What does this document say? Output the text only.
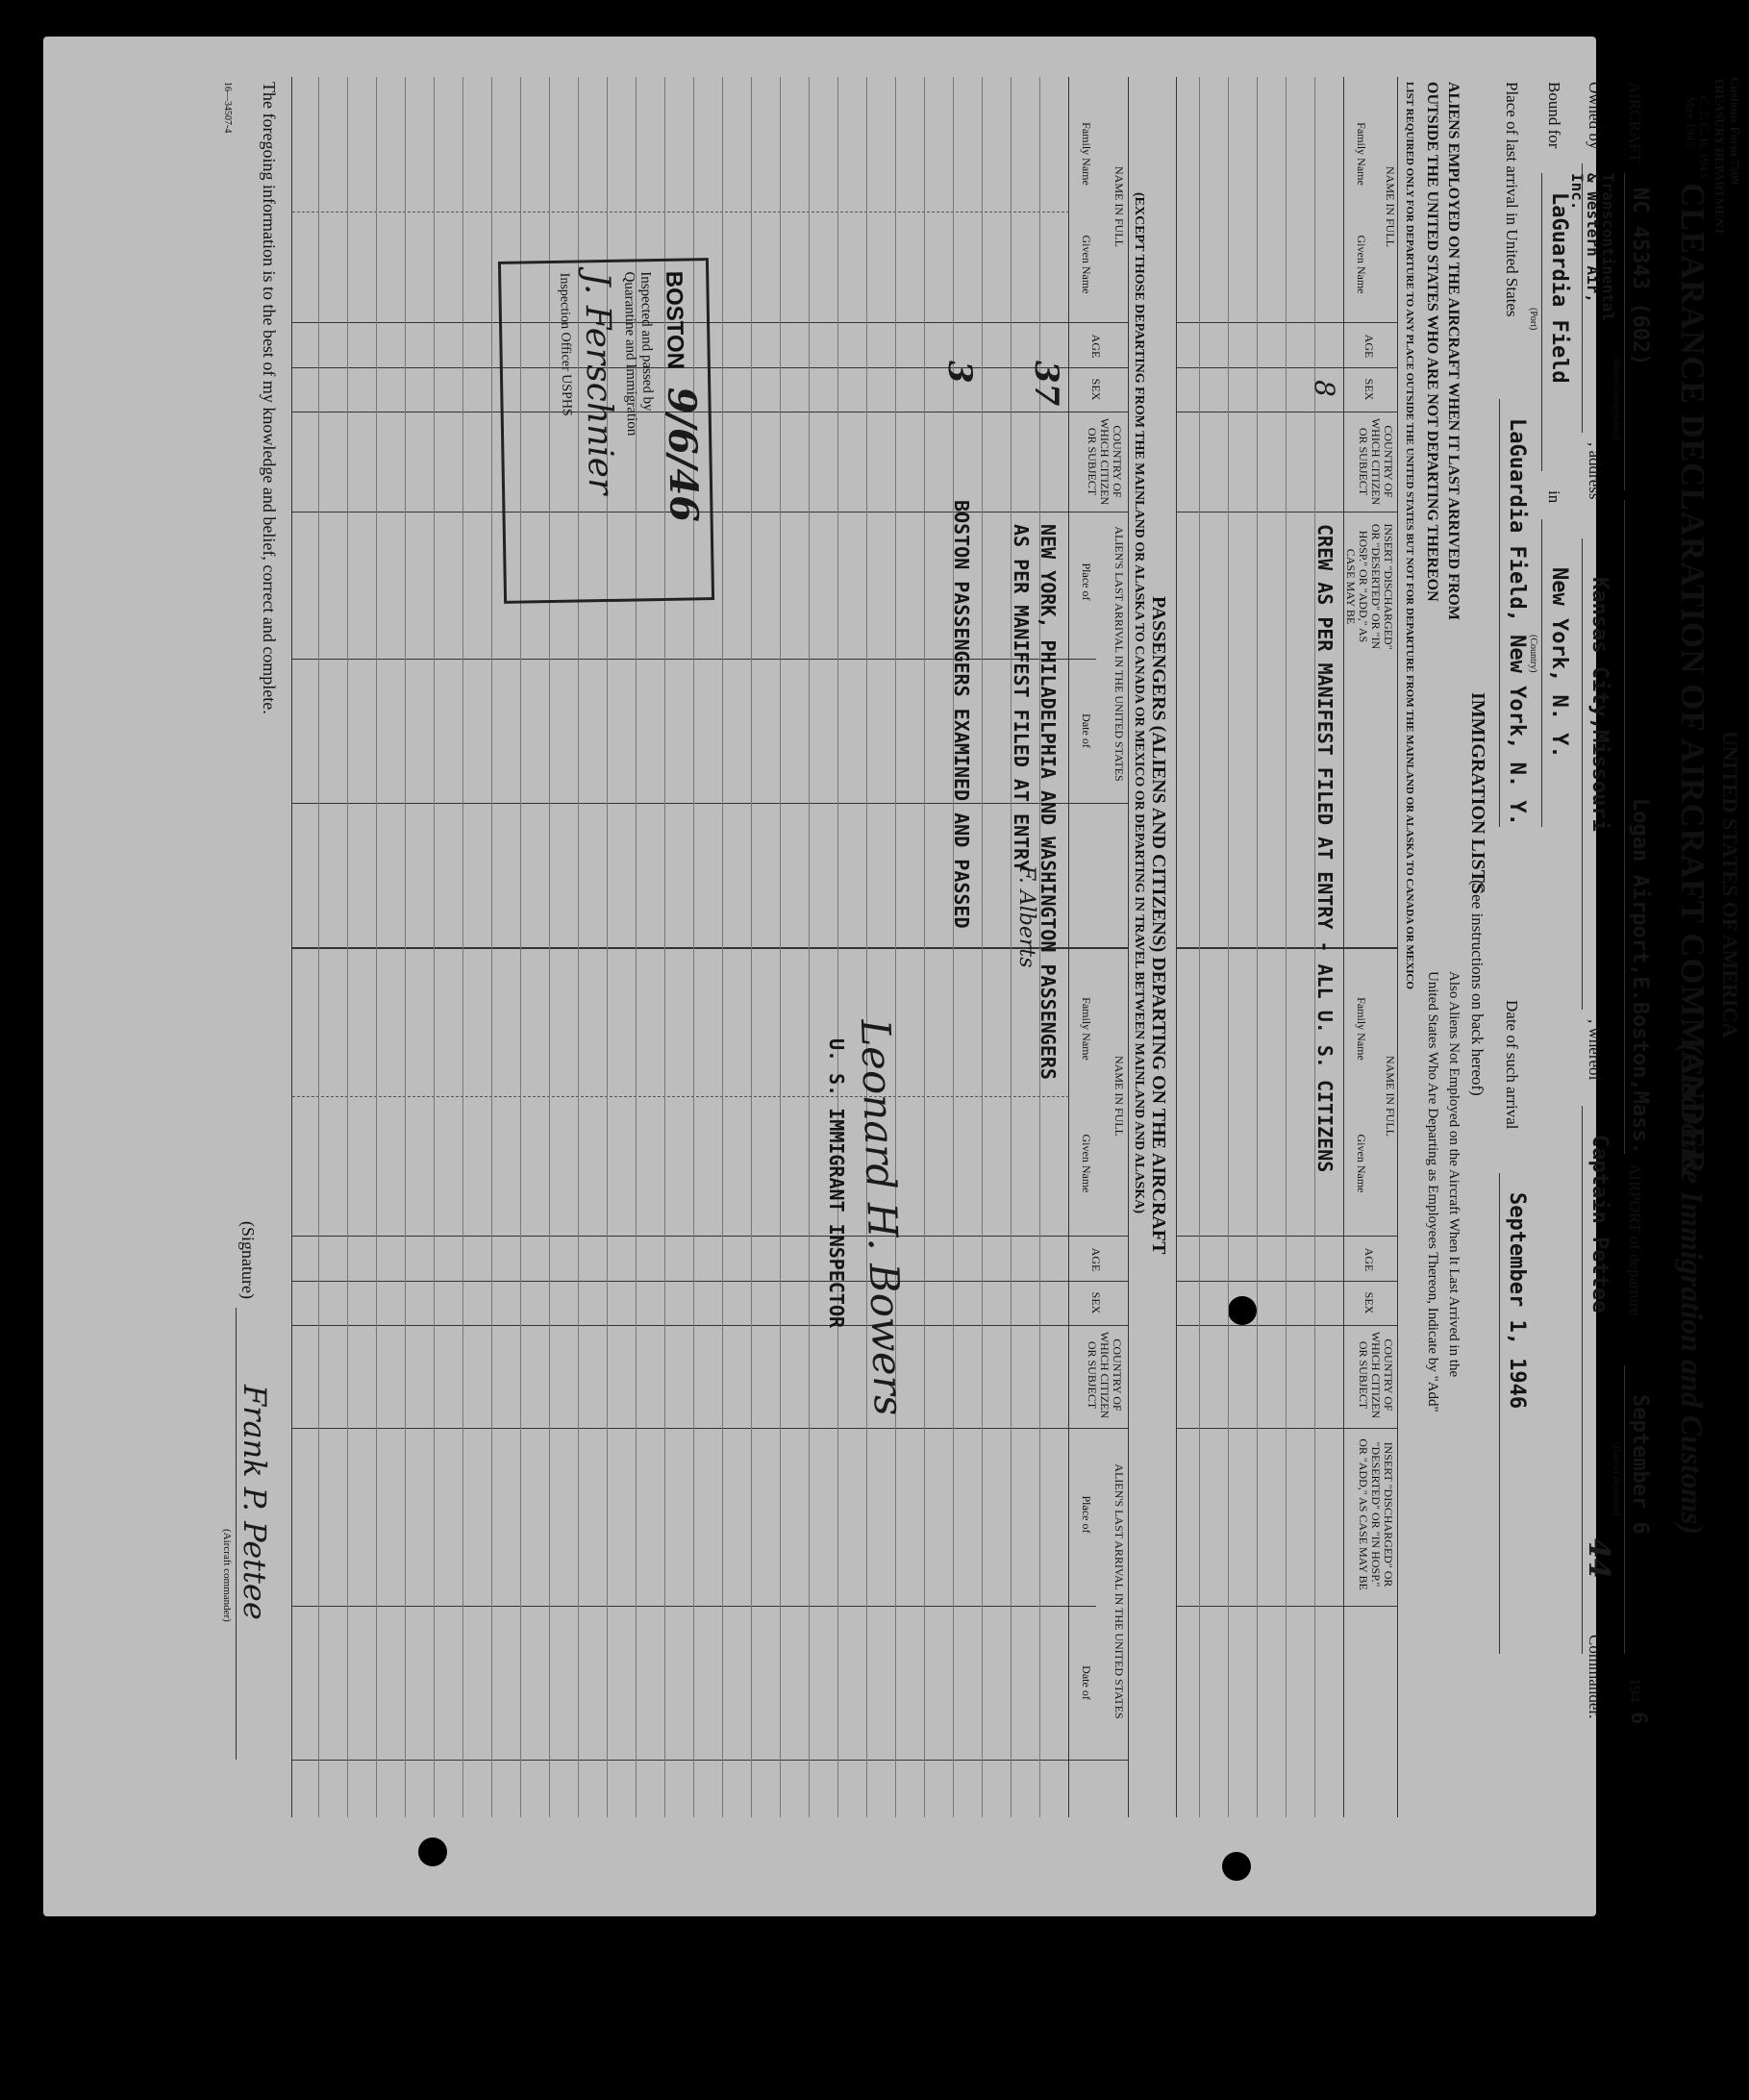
Customs Form 7509
TREASURY DEPARTMENT
C. 7. C. R. 1943
May 1945
UNITED STATES OF AMERICA
CLEARANCE DECLARATION OF AIRCRAFT COMMANDER
(Clearance Immigration and Customs)
AIRCRAFT
NC 45343 (602)
(Identification marks)
Logan Airport,E.Boston,Mass.
AIRPORT of departure
September 6
(Date of departure)
194
6
Owned by
Transcontinental & Western Air, Inc.
, address
Kansas City,Missouri
, whereof
Captain Pettee
44
Commander.
Bound for
LaGuardia Field
(Port)
in
New York, N. Y.
(Country)
Place of last arrival in United States
LaGuardia Field, New York, N. Y.
Date of such arrival
September 1, 1946
IMMIGRATION LISTS
(See instructions on back hereof)
ALIENS EMPLOYED ON THE AIRCRAFT WHEN IT LAST ARRIVED FROM
OUTSIDE THE UNITED STATES WHO ARE NOT DEPARTING THEREON
Also Aliens Not Employed on the Aircraft When It Last Arrived in the
United States Who Are Departing as Employees Thereon, Indicate by "Add"
LIST REQUIRED ONLY FOR DEPARTURE TO ANY PLACE OUTSIDE THE UNITED STATES BUT NOT FOR DEPARTURE FROM THE MAINLAND OR ALASKA TO CANADA OR MEXICO
NAME IN FULL
Family Name
Given Name
AGE
SEX
COUNTRY OF WHICH CITIZEN OR SUBJECT
INSERT "DISCHARGED" OR "DESERTED" OR "IN HOSP." OR "ADD," AS CASE MAY BE
NAME IN FULL
Family Name
Given Name
AGE
SEX
COUNTRY OF WHICH CITIZEN OR SUBJECT
INSERT "DISCHARGED" OR "DESERTED" OR "IN HOSP." OR "ADD," AS CASE MAY BE
8
CREW AS PER MANIFEST FILED AT ENTRY - ALL U. S. CITIZENS
PASSENGERS (ALIENS AND CITIZENS) DEPARTING ON THE AIRCRAFT
(EXCEPT THOSE DEPARTING FROM THE MAINLAND OR ALASKA TO CANADA OR MEXICO OR DEPARTING IN TRAVEL BETWEEN MAINLAND AND ALASKA)
NAME IN FULL
Family Name
Given Name
AGE
SEX
COUNTRY OF WHICH CITIZEN OR SUBJECT
ALIEN'S LAST ARRIVAL IN THE UNITED STATES
Place of
Date of
NAME IN FULL
Family Name
Given Name
AGE
SEX
COUNTRY OF WHICH CITIZEN OR SUBJECT
ALIEN'S LAST ARRIVAL IN THE UNITED STATES
Place of
Date of
37
NEW YORK, PHILADELPHIA AND WASHINGTON PASSENGERS
AS PER MANIFEST FILED AT ENTRY
F. Alberts
3
BOSTON PASSENGERS EXAMINED AND PASSED
Leonard H. Bowers
U. S. IMMIGRANT INSPECTOR
BOSTON 9/6/46
Inspected and passed by
Quarantine and Immigration
J. Ferschnier
Inspection Officer USPHS
The foregoing information is to the best of my knowledge and belief, correct and complete.
(Signature)
Frank P. Pettee
(Aircraft commander)
16—34507-4
